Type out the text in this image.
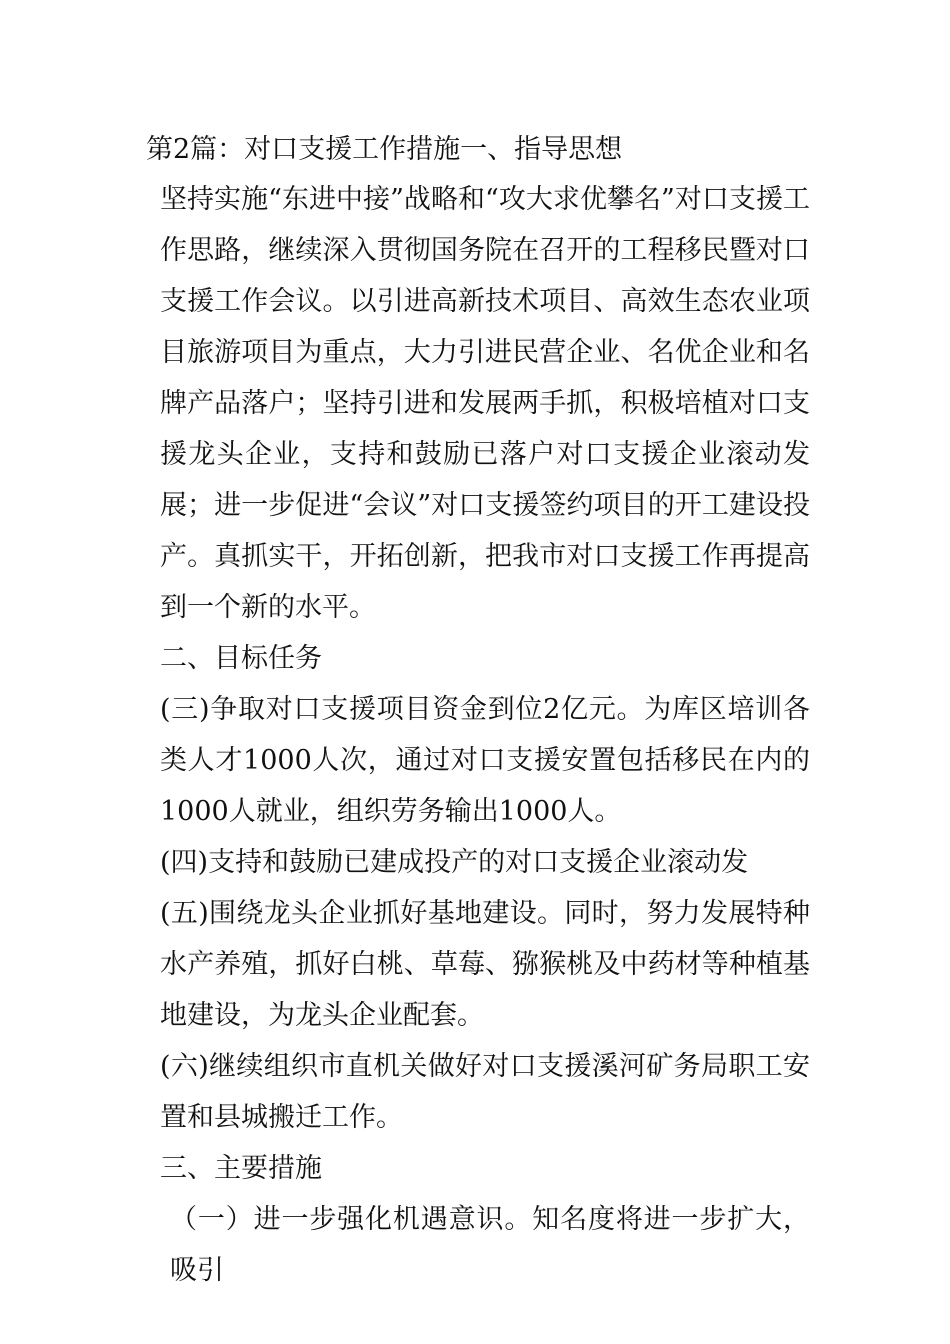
第2篇：对口支援工作措施一、指导思想

坚持实施“东进中接”战略和“攻大求优攀名”对口支援工作思路，继续深入贯彻国务院在召开的工程移民暨对口支援工作会议。以引进高新技术项目、高效生态农业项目旅游项目为重点，大力引进民营企业、名优企业和名牌产品落户；坚持引进和发展两手抓，积极培植对口支援龙头企业，支持和鼓励已落户对口支援企业滚动发展；进一步促进“会议”对口支援签约项目的开工建设投产。真抓实干，开拓创新，把我市对口支援工作再提高到一个新的水平。

二、目标任务

(三)争取对口支援项目资金到位2亿元。为库区培训各类人才1000人次，通过对口支援安置包括移民在内的1000人就业，组织劳务输出1000人。

(四)支持和鼓励已建成投产的对口支援企业滚动发

(五)围绕龙头企业抓好基地建设。同时，努力发展特种水产养殖，抓好白桃、草莓、猕猴桃及中药材等种植基地建设，为龙头企业配套。

(六)继续组织市直机关做好对口支援溪河矿务局职工安置和县城搬迁工作。

三、主要措施

（一）进一步强化机遇意识。知名度将进一步扩大，吸引
